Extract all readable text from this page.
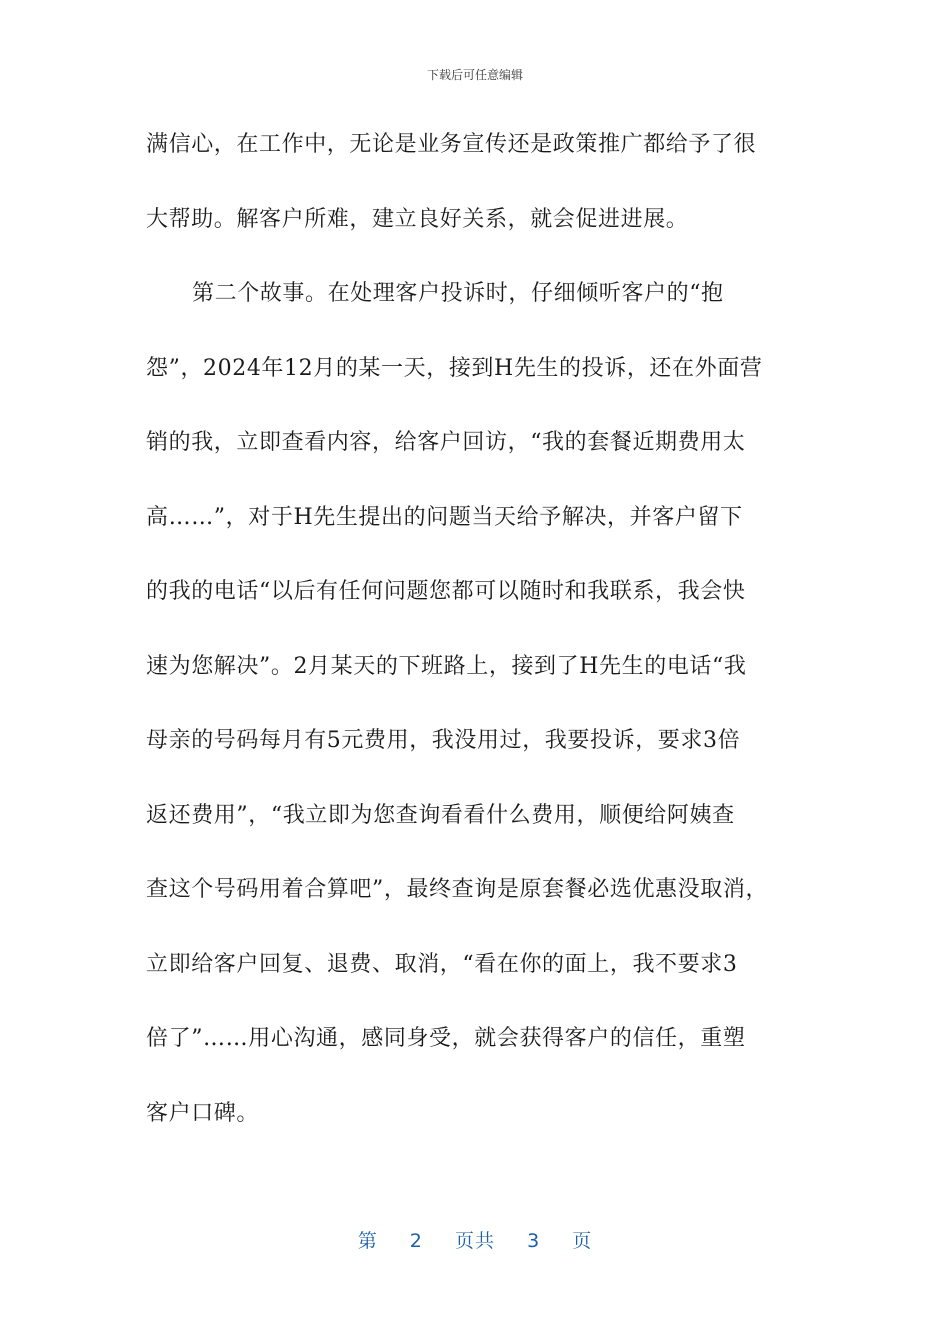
下载后可任意编辑
满信心，在工作中，无论是业务宣传还是政策推广都给予了很
大帮助。解客户所难，建立良好关系，就会促进进展。
第二个故事。在处理客户投诉时，仔细倾听客户的“抱
怨”，2024年12月的某一天，接到H先生的投诉，还在外面营
销的我，立即查看内容，给客户回访，“我的套餐近期费用太
高……”，对于H先生提出的问题当天给予解决，并客户留下
的我的电话“以后有任何问题您都可以随时和我联系，我会快
速为您解决”。2月某天的下班路上，接到了H先生的电话“我
母亲的号码每月有5元费用，我没用过，我要投诉，要求3倍
返还费用”，“我立即为您查询看看什么费用，顺便给阿姨查
查这个号码用着合算吧”，最终查询是原套餐必选优惠没取消，
立即给客户回复、退费、取消，“看在你的面上，我不要求3
倍了”……用心沟通，感同身受，就会获得客户的信任，重塑
客户口碑。
第 2 页共 3 页
